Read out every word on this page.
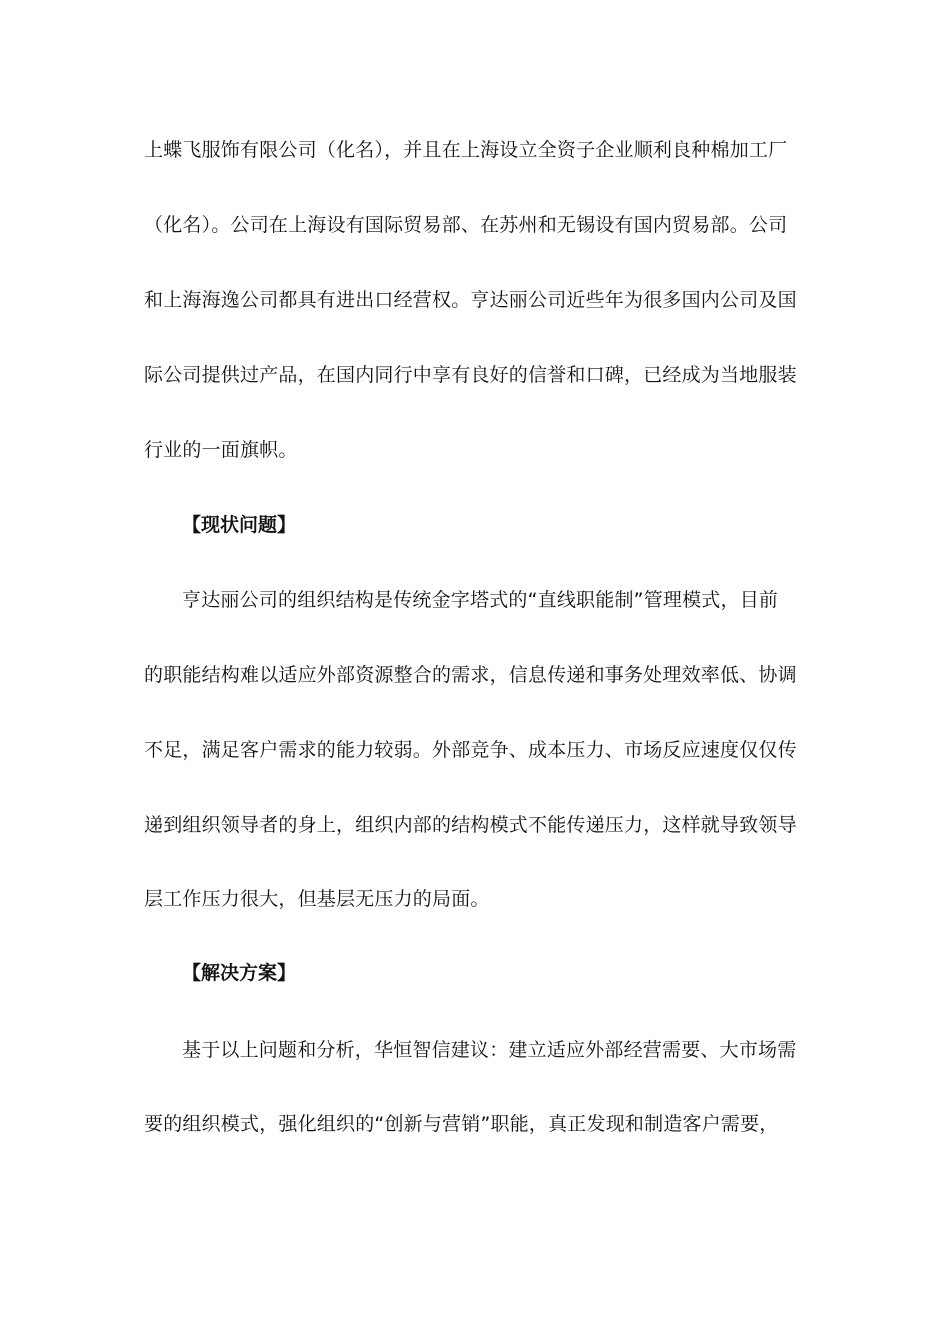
上蝶飞服饰有限公司（化名），并且在上海设立全资子企业顺利良种棉加工厂
（化名）。公司在上海设有国际贸易部、在苏州和无锡设有国内贸易部。公司
和上海海逸公司都具有进出口经营权。亨达丽公司近些年为很多国内公司及国
际公司提供过产品，在国内同行中享有良好的信誉和口碑，已经成为当地服装
行业的一面旗帜。
【现状问题】
亨达丽公司的组织结构是传统金字塔式的“直线职能制”管理模式，目前
的职能结构难以适应外部资源整合的需求，信息传递和事务处理效率低、协调
不足，满足客户需求的能力较弱。外部竞争、成本压力、市场反应速度仅仅传
递到组织领导者的身上，组织内部的结构模式不能传递压力，这样就导致领导
层工作压力很大，但基层无压力的局面。
【解决方案】
基于以上问题和分析，华恒智信建议：建立适应外部经营需要、大市场需
要的组织模式，强化组织的“创新与营销”职能，真正发现和制造客户需要，
